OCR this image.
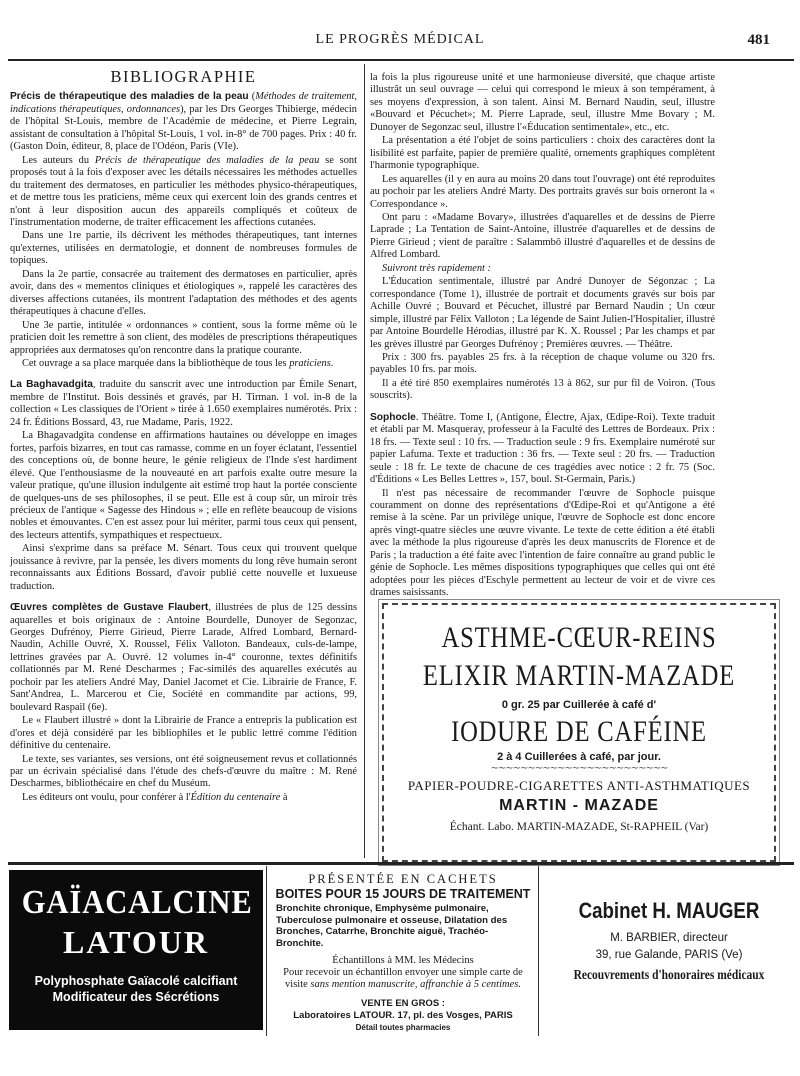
LE PROGRÈS MÉDICAL	481
BIBLIOGRAPHIE

Précis de thérapeutique des maladies de la peau (Méthodes de traitement, indications thérapeutiques, ordonnances), par les Drs Georges Thibierge, médecin de l'hôpital St-Louis, membre de l'Académie de médecine, et Pierre Legrain, assistant de consultation à l'hôpital St-Louis, 1 vol. in-8° de 700 pages. Prix : 40 fr. (Gaston Doin, éditeur, 8, place de l'Odéon, Paris (VIe).

Les auteurs du Précis de thérapeutique des maladies de la peau se sont proposés tout à la fois d'exposer avec les détails nécessaires les méthodes actuelles du traitement des dermatoses, en particulier les méthodes physico-thérapeutiques, et de mettre tous les praticiens, même ceux qui exercent loin des grands centres et n'ont à leur disposition aucun des appareils compliqués et coûteux de l'instrumentation moderne, de traiter efficacement les affections cutanées.

Dans une 1re partie, ils décrivent les méthodes thérapeutiques, tant internes qu'externes, utilisées en dermatologie, et donnent de nombreuses formules de topiques.

Dans la 2e partie, consacrée au traitement des dermatoses en particulier, après avoir, dans des « mementos cliniques et étiologiques », rappelé les caractères des diverses affections cutanées, ils montrent l'adaptation des méthodes et des agents thérapeutiques à chacune d'elles.

Une 3e partie, intitulée « ordonnances » contient, sous la forme même où le praticien doit les remettre à son client, des modèles de prescriptions thérapeutiques appropriées aux dermatoses qu'on rencontre dans la pratique courante.

Cet ouvrage a sa place marquée dans la bibliothèque de tous les praticiens.

La Baghavadgita, traduite du sanscrit avec une introduction par Émile Senart, membre de l'Institut. Bois dessinés et gravés, par H. Tirman. 1 vol. in-8 de la collection « Les classiques de l'Orient » tirée à 1.650 exemplaires numérotés. Prix : 24 fr. Éditions Bossard, 43, rue Madame, Paris, 1922.

La Bhagavadgita condense en affirmations hautaines ou développe en images fortes, parfois bizarres, en tout cas ramasse, comme en un foyer éclatant, l'essentiel des conceptions où, de bonne heure, le génie religieux de l'Inde s'est hardiment élevé. Que l'enthousiasme de la nouveauté en art parfois exalte outre mesure la valeur pratique, qu'une illusion indulgente ait estimé trop haut la portée consciente de quelques-uns de ses philosophes, il se peut. Elle est à coup sûr, un miroir très précieux de l'antique « Sagesse des Hindous » ; elle en reflète beaucoup de visions nobles et émouvantes. C'en est assez pour lui mériter, parmi tous ceux qui pensent, des lecteurs attentifs, sympathiques et respectueux.

Ainsi s'exprime dans sa préface M. Sénart. Tous ceux qui trouvent quelque jouissance à revivre, par la pensée, les divers moments du long rêve humain seront reconnaissants aux Éditions Bossard, d'avoir publié cette nouvelle et luxueuse traduction.

Œuvres complètes de Gustave Flaubert, illustrées de plus de 125 dessins aquarelles et bois originaux de : Antoine Bourdelle, Dunoyer de Segonzac, Georges Dufrénoy, Pierre Girieud, Pierre Larade, Alfred Lombard, Bernard-Naudin, Achille Ouvré, X. Roussel, Félix Valloton. Bandeaux, culs-de-lampe, lettrines gravées par A. Ouvré. 12 volumes in-4° couronne, textes définitifs collationnés par M. René Descharmes ; Fac-similés des aquarelles exécutés au pochoir par les ateliers André May, Daniel Jacomet et Cie. Librairie de France, F. Sant'Andrea, L. Marcerou et Cie, Société en commandite par actions, 99, boulevard Raspail (6e).

Le « Flaubert illustré » dont la Librairie de France a entrepris la publication est d'ores et déjà considéré par les bibliophiles et le public lettré comme l'édition définitive du centenaire.

Le texte, ses variantes, ses versions, ont été soigneusement revus et collationnés par un écrivain spécialisé dans l'étude des chefs-d'œuvre du maître : M. René Descharmes, bibliothécaire en chef du Muséum.

Les éditeurs ont voulu, pour conférer à l'Édition du centenaire à

la fois la plus rigoureuse unité et une harmonieuse diversité, que chaque artiste illustrât un seul ouvrage — celui qui correspond le mieux à son tempérament, à ses moyens d'expression, à son talent. Ainsi M. Bernard Naudin, seul, illustre «Bouvard et Pécuchet»; M. Pierre Laprade, seul, illustre Mme Bovary ; M. Dunoyer de Segonzac seul, illustre l'«Éducation sentimentale», etc., etc.

La présentation a été l'objet de soins particuliers : choix des caractères dont la lisibilité est parfaite, papier de première qualité, ornements graphiques complètent l'harmonie typographique.

Les aquarelles (il y en aura au moins 20 dans tout l'ouvrage) ont été reproduites au pochoir par les ateliers André Marty. Des portraits gravés sur bois orneront la « Correspondance ».

Ont paru : «Madame Bovary», illustrées d'aquarelles et de dessins de Pierre Laprade ; La Tentation de Saint-Antoine, illustrée d'aquarelles et de dessins de Pierre Girieud ; vient de paraître : Salammbô illustré d'aquarelles et de dessins de Alfred Lombard.

Suivront très rapidement :

L'Éducation sentimentale, illustré par André Dunoyer de Ségonzac ; La correspondance (Tome 1), illustrée de portrait et documents gravés sur bois par Achille Ouvré ; Bouvard et Pécuchet, illustré par Bernard Naudin ; Un cœur simple, illustré par Félix Valloton ; La légende de Saint Julien-l'Hospitalier, illustré par Antoine Bourdelle Hérodias, illustré par K. X. Roussel ; Par les champs et par les grèves illustré par Georges Dufrénoy ; Premières œuvres. — Théâtre.

Prix : 300 frs. payables 25 frs. à la réception de chaque volume ou 320 frs. payables 10 frs. par mois.

Il a été tiré 850 exemplaires numérotés 13 à 862, sur pur fil de Voiron. (Tous souscrits).

Sophocle. Théâtre. Tome I, (Antigone, Électre, Ajax, Œdipe-Roi). Texte traduit et établi par M. Masqueray, professeur à la Faculté des Lettres de Bordeaux. Prix : 18 frs. — Texte seul : 10 frs. — Traduction seule : 9 frs. Exemplaire numéroté sur papier Lafuma. Texte et traduction : 36 frs. — Texte seul : 20 frs. — Traduction seule : 18 fr. Le texte de chacune de ces tragédies avec notice : 2 fr. 75 (Soc. d'Éditions « Les Belles Lettres », 157, boul. St-Germain, Paris.)

Il n'est pas nécessaire de recommander l'œuvre de Sophocle puisque couramment on donne des représentations d'Œdipe-Roi et qu'Antigone a été remise à la scène. Par un privilège unique, l'œuvre de Sophocle est donc encore après vingt-quatre siècles une œuvre vivante. Le texte de cette édition a été établi avec la méthode la plus rigoureuse d'après les deux manuscrits de Florence et de Paris ; la traduction a été faite avec l'intention de faire connaître au grand public le génie de Sophocle. Les mêmes dispositions typographiques que celles qui ont été adoptées pour les pièces d'Eschyle permettent au lecteur de voir et de vivre ces drames saisissants.

ASTHME-CŒUR-REINS
ELIXIR MARTIN-MAZADE
0 gr. 25 par Cuillerée à café d'
IODURE DE CAFÉINE
2 à 4 Cuillerées à café, par jour.
∼∼∼∼∼∼∼∼∼∼∼∼∼∼∼∼∼∼∼∼∼∼∼∼
PAPIER-POUDRE-CIGARETTES ANTI-ASTHMATIQUES
MARTIN - MAZADE
Échant. Labo. MARTIN-MAZADE, St-RAPHEIL (Var)
GAÏACALCINE
LATOUR
Polyphosphate Gaïacolé calcifiant
Modificateur des Sécrétions
PRÉSENTÉE EN CACHETS
BOITES POUR 15 JOURS DE TRAITEMENT
Bronchite chronique, Emphysème pulmonaire, Tuberculose pulmonaire et osseuse, Dilatation des Bronches, Catarrhe, Bronchite aiguë, Trachéo-Bronchite.
Échantillons à MM. les Médecins
Pour recevoir un échantillon envoyer une simple carte de visite sans mention manuscrite, affranchie à 5 centimes.
VENTE EN GROS :
Laboratoires LATOUR. 17, pl. des Vosges, PARIS
Détail toutes pharmacies
Cabinet H. MAUGER
M. BARBIER, directeur
39, rue Galande, PARIS (Ve)
Recouvrements d'honoraires médicaux
